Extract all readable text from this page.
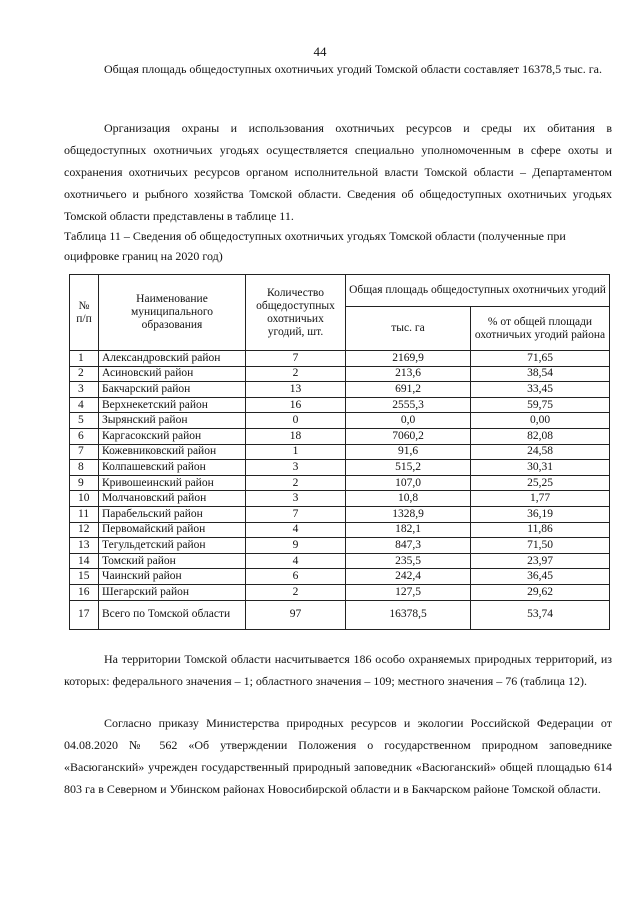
44

Общая площадь общедоступных охотничьих угодий Томской области составляет 16378,5 тыс. га.

Организация охраны и использования охотничьих ресурсов и среды их обитания в общедоступных охотничьих угодьях осуществляется специально уполномоченным в сфере охоты и сохранения охотничьих ресурсов органом исполнительной власти Томской области – Департаментом охотничьего и рыбного хозяйства Томской области. Сведения об общедоступных охотничьих угодьях Томской области представлены в таблице 11.

Таблица 11 – Сведения об общедоступных охотничьих угодьях Томской области (полученные при оцифровке границ на 2020 год)
№ п/п	Наименование муниципального образования	Количество общедоступных охотничьих угодий, шт.	Общая площадь общедоступных охотничьих угодий	
			тыс. га	% от общей площади охотничьих угодий района
1	Александровский район	7	2169,9	71,65
2	Асиновский район	2	213,6	38,54
3	Бакчарский район	13	691,2	33,45
4	Верхнекетский район	16	2555,3	59,75
5	Зырянский район	0	0,0	0,00
6	Каргасокский район	18	7060,2	82,08
7	Кожевниковский район	1	91,6	24,58
8	Колпашевский район	3	515,2	30,31
9	Кривошеинский район	2	107,0	25,25
10	Молчановский район	3	10,8	1,77
11	Парабельский район	7	1328,9	36,19
12	Первомайский район	4	182,1	11,86
13	Тегульдетский район	9	847,3	71,50
14	Томский район	4	235,5	23,97
15	Чаинский район	6	242,4	36,45
16	Шегарский район	2	127,5	29,62
17	Всего по Томской области	97	16378,5	53,74

На территории Томской области насчитывается 186 особо охраняемых природных территорий, из которых: федерального значения – 1; областного значения – 109; местного значения – 76 (таблица 12).

Согласно приказу Министерства природных ресурсов и экологии Российской Федерации от 04.08.2020 № 562 «Об утверждении Положения о государственном природном заповеднике «Васюганский» учрежден государственный природный заповедник «Васюганский» общей площадью 614 803 га в Северном и Убинском районах Новосибирской области и в Бакчарском районе Томской области.
